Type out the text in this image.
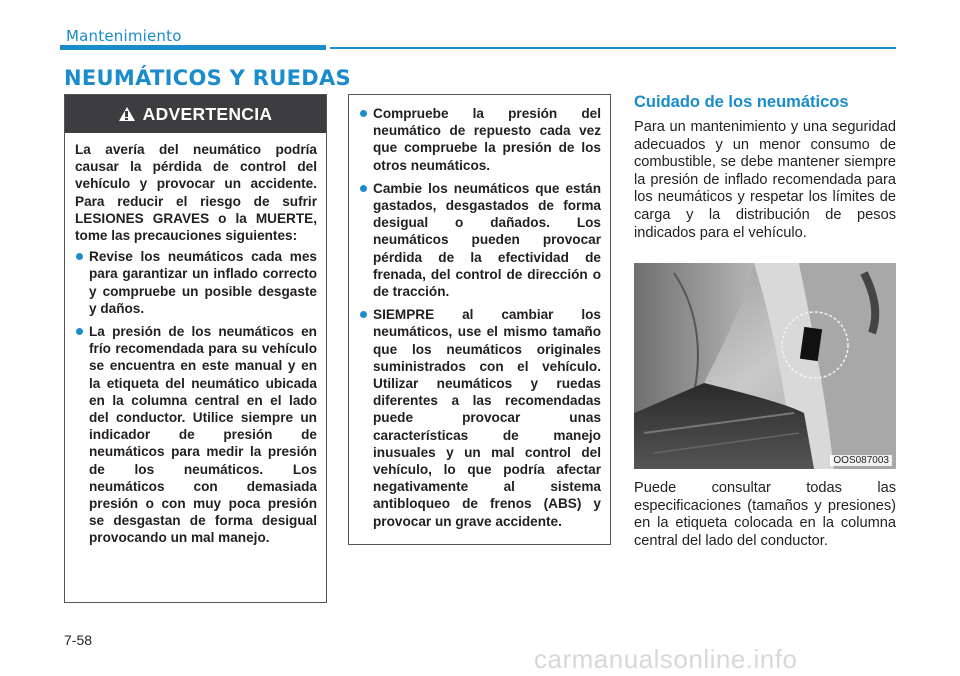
Mantenimiento
NEUMÁTICOS Y RUEDAS
ADVERTENCIA

La avería del neumático podría causar la pérdida de control del vehículo y provocar un accidente. Para reducir el riesgo de sufrir LESIONES GRAVES o la MUERTE, tome las precauciones siguientes:

Revise los neumáticos cada mes para garantizar un inflado correcto y compruebe un posible desgaste y daños.
La presión de los neumáticos en frío recomendada para su vehículo se encuentra en este manual y en la etiqueta del neumático ubicada en la columna central en el lado del conductor. Utilice siempre un indicador de presión de neumáticos para medir la presión de los neumáticos. Los neumáticos con demasiada presión o con muy poca presión se desgastan de forma desigual provocando un mal manejo.
Compruebe la presión del neumático de repuesto cada vez que compruebe la presión de los otros neumáticos.
Cambie los neumáticos que están gastados, desgastados de forma desigual o dañados. Los neumáticos pueden provocar pérdida de la efectividad de frenada, del control de dirección o de tracción.
SIEMPRE al cambiar los neumáticos, use el mismo tamaño que los neumáticos originales suministrados con el vehículo. Utilizar neumáticos y ruedas diferentes a las recomendadas puede provocar unas características de manejo inusuales y un mal control del vehículo, lo que podría afectar negativamente al sistema antibloqueo de frenos (ABS) y provocar un grave accidente.
Cuidado de los neumáticos
Para un mantenimiento y una seguridad adecuados y un menor consumo de combustible, se debe mantener siempre la presión de inflado recomendada para los neumáticos y respetar los límites de carga y la distribución de pesos indicados para el vehículo.
OOS087003
Puede consultar todas las especificaciones (tamaños y presiones) en la etiqueta colocada en la columna central del lado del conductor.
7-58
carmanualsonline.info
